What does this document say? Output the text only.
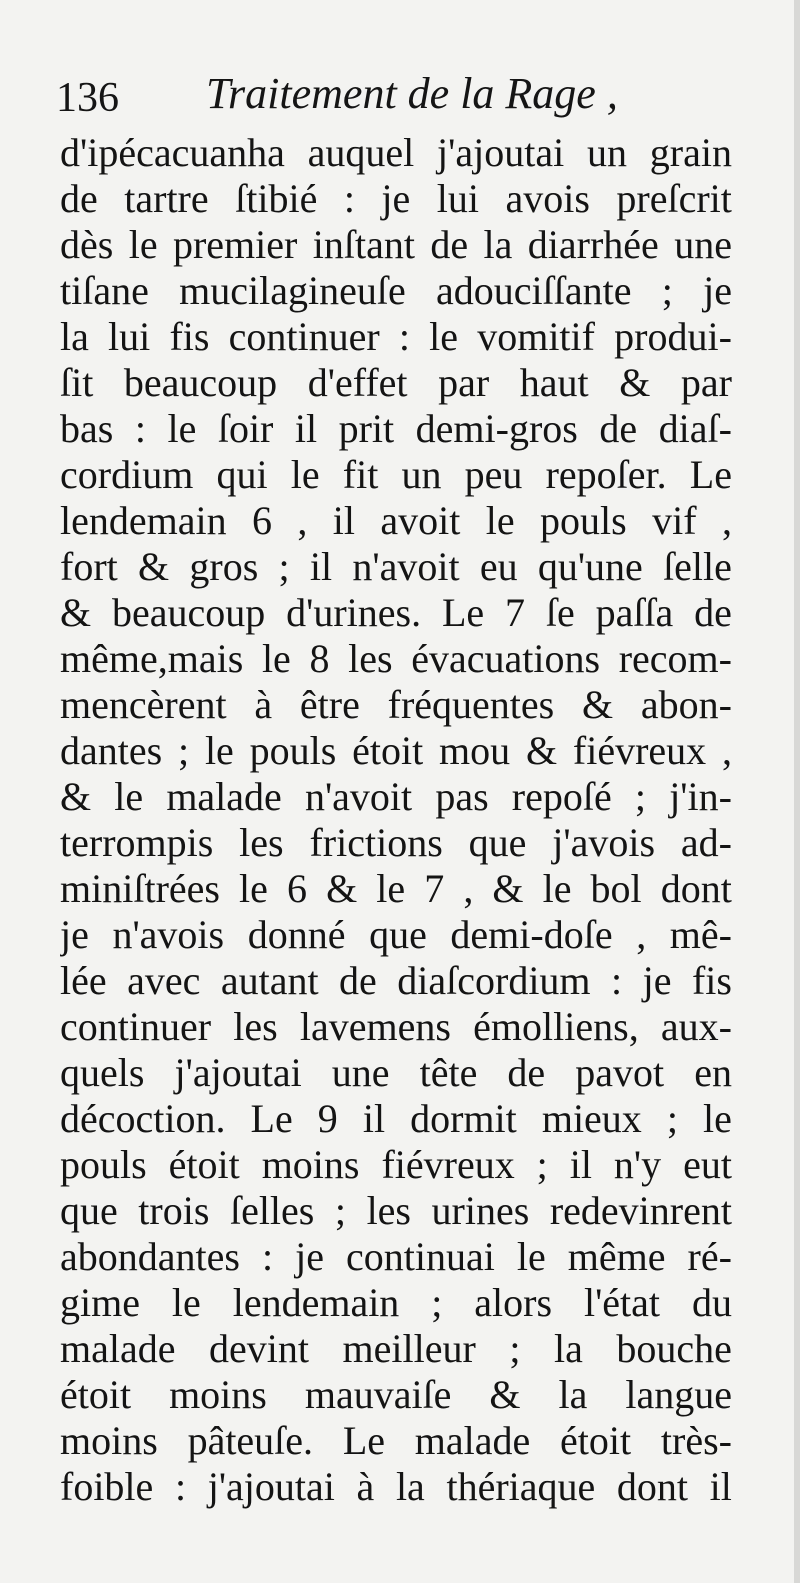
136 Traitement de la Rage ,
d'ipécacuanha auquel j'ajoutai un grain
de tartre ſtibié : je lui avois preſcrit
dès le premier inſtant de la diarrhée une
tiſane mucilagineuſe adouciſſante ; je
la lui fis continuer : le vomitif produi-
ſit beaucoup d'effet par haut & par
bas : le ſoir il prit demi-gros de diaſ-
cordium qui le fit un peu repoſer. Le
lendemain 6 , il avoit le pouls vif ,
fort & gros ; il n'avoit eu qu'une ſelle
& beaucoup d'urines. Le 7 ſe paſſa de
même,mais le 8 les évacuations recom-
mencèrent à être fréquentes & abon-
dantes ; le pouls étoit mou & fiévreux ,
& le malade n'avoit pas repoſé ; j'in-
terrompis les frictions que j'avois ad-
miniſtrées le 6 & le 7 , & le bol dont
je n'avois donné que demi-doſe , mê-
lée avec autant de diaſcordium : je fis
continuer les lavemens émolliens, aux-
quels j'ajoutai une tête de pavot en
décoction. Le 9 il dormit mieux ; le
pouls étoit moins fiévreux ; il n'y eut
que trois ſelles ; les urines redevinrent
abondantes : je continuai le même ré-
gime le lendemain ; alors l'état du
malade devint meilleur ; la bouche
étoit moins mauvaiſe & la langue
moins pâteuſe. Le malade étoit très-
foible : j'ajoutai à la thériaque dont il
